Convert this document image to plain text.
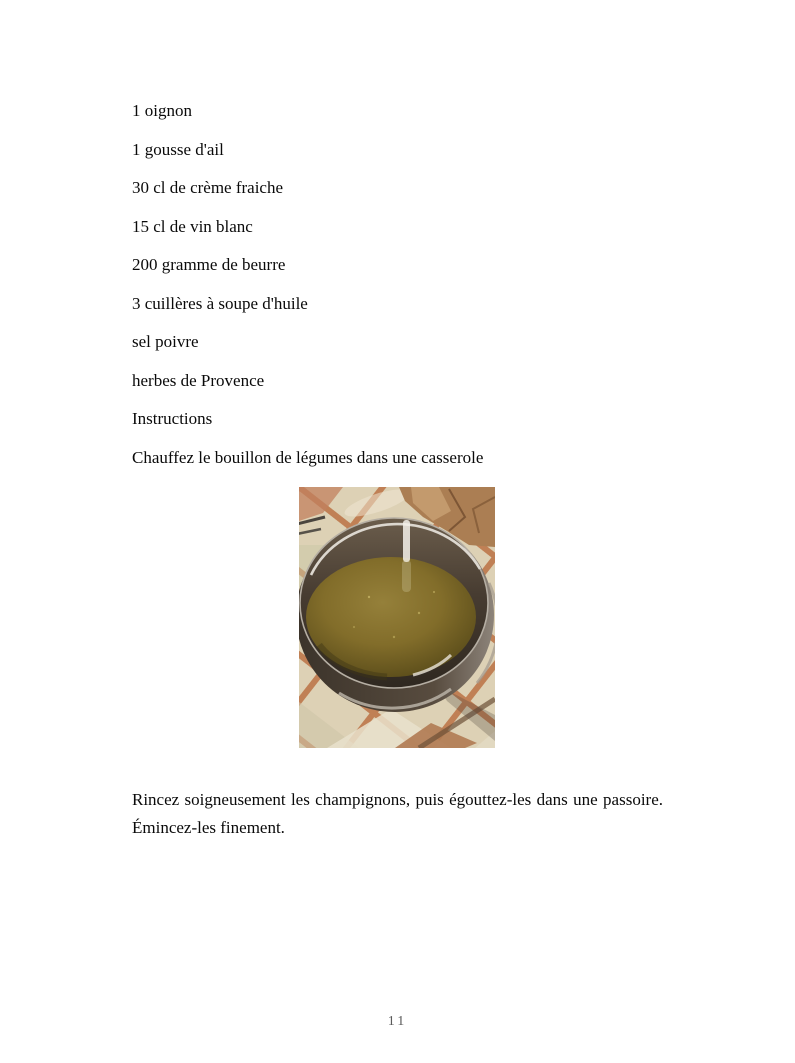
1 oignon

1 gousse d'ail

30 cl de crème fraiche

15 cl de vin blanc

200 gramme de beurre

3 cuillères à soupe d'huile

sel poivre

herbes de Provence

Instructions

Chauffez le bouillon de légumes dans une casserole

Rincez soigneusement les champignons, puis égouttez-les dans une passoire. Émincez-les finement.
11
